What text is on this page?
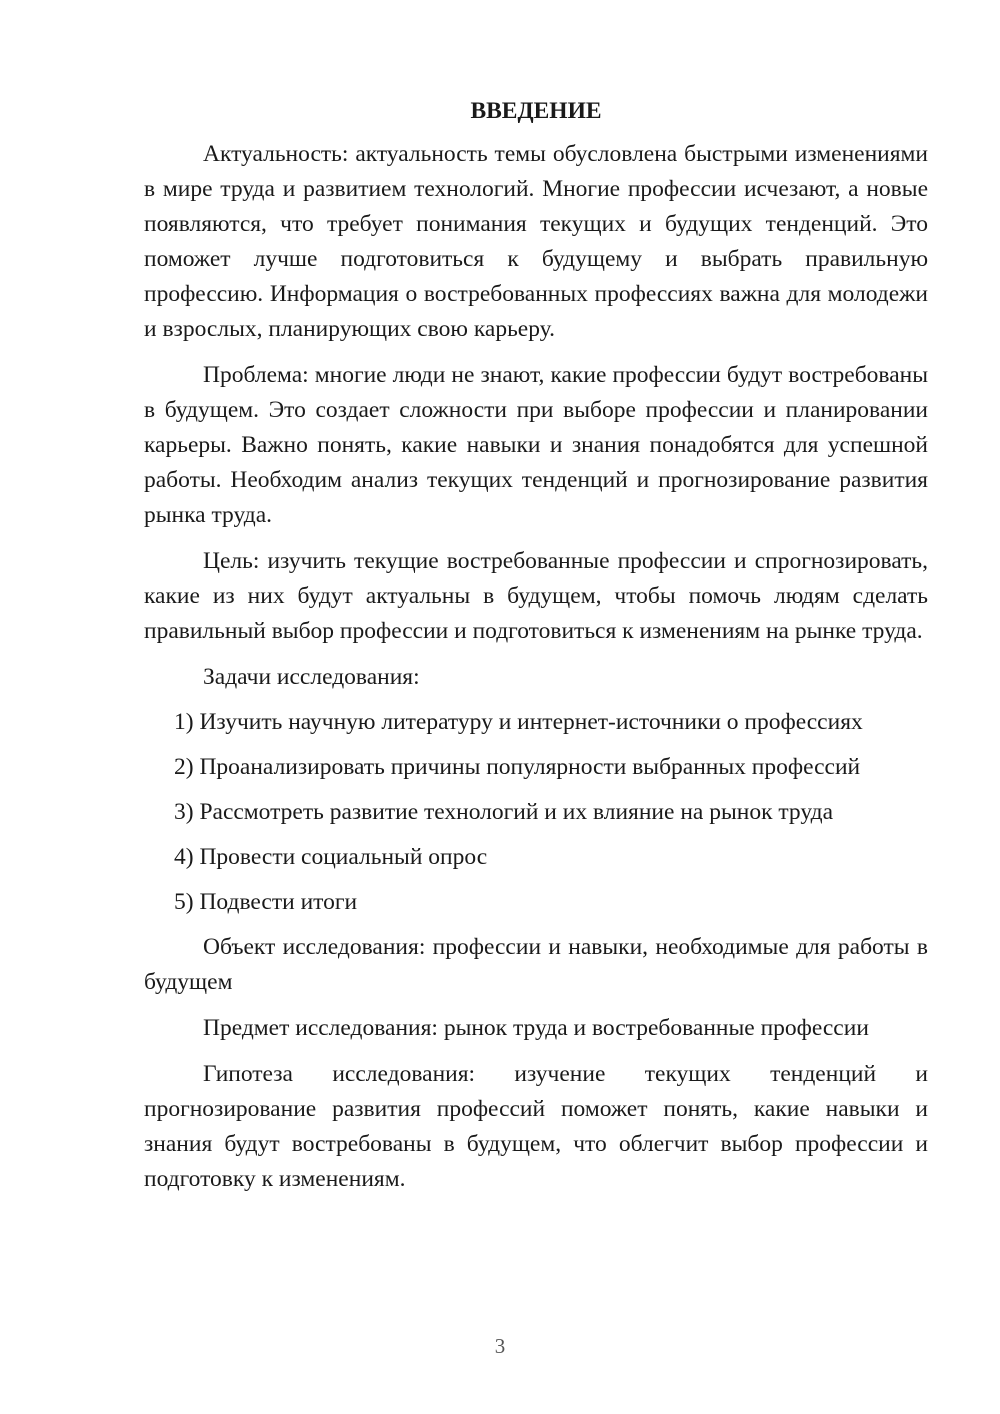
ВВЕДЕНИЕ

Актуальность: актуальность темы обусловлена быстрыми изменениями в мире труда и развитием технологий. Многие профессии исчезают, а новые появляются, что требует понимания текущих и будущих тенденций. Это поможет лучше подготовиться к будущему и выбрать правильную профессию. Информация о востребованных профессиях важна для молодежи и взрослых, планирующих свою карьеру.

Проблема: многие люди не знают, какие профессии будут востребованы в будущем. Это создает сложности при выборе профессии и планировании карьеры. Важно понять, какие навыки и знания понадобятся для успешной работы. Необходим анализ текущих тенденций и прогнозирование развития рынка труда.

Цель: изучить текущие востребованные профессии и спрогнозировать, какие из них будут актуальны в будущем, чтобы помочь людям сделать правильный выбор профессии и подготовиться к изменениям на рынке труда.

Задачи исследования:
1) Изучить научную литературу и интернет-источники о профессиях
2) Проанализировать причины популярности выбранных профессий
3) Рассмотреть развитие технологий и их влияние на рынок труда
4) Провести социальный опрос
5) Подвести итоги

Объект исследования: профессии и навыки, необходимые для работы в будущем

Предмет исследования: рынок труда и востребованные профессии

Гипотеза исследования: изучение текущих тенденций и прогнозирование развития профессий поможет понять, какие навыки и знания будут востребованы в будущем, что облегчит выбор профессии и подготовку к изменениям.

3
